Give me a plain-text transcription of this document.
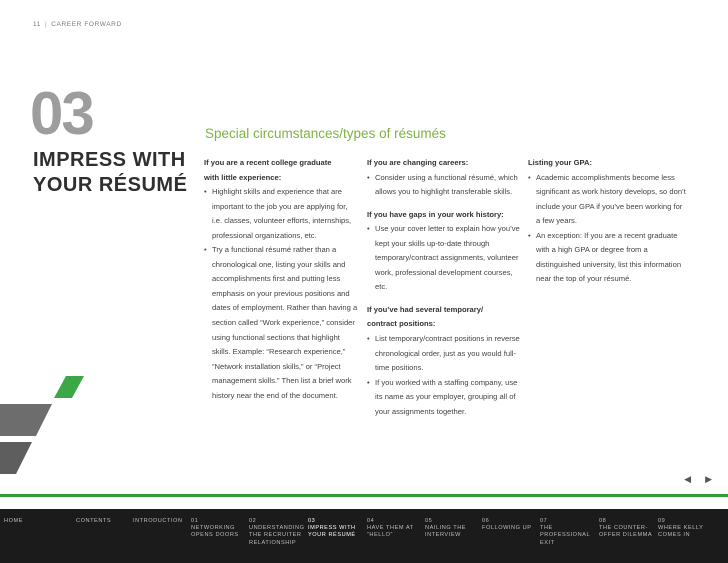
11 | CAREER FORWARD
03
IMPRESS WITH
YOUR RÉSUMÉ
Special circumstances/types of résumés

If you are a recent college graduate

with little experience:

• Highlight skills and experience that are important to the job you are applying for, i.e. classes, volunteer efforts, internships, professional organizations, etc.
• Try a functional résumé rather than a chronological one, listing your skills and accomplishments first and putting less emphasis on your previous positions and dates of employment. Rather than having a section called “Work experience,” consider using functional sections that highlight skills. Example: “Research experience,” “Network installation skills,” or “Project management skills.” Then list a brief work history near the end of the document.

If you are changing careers:

• Consider using a functional résumé, which allows you to highlight transferable skills.

If you have gaps in your work history:

• Use your cover letter to explain how you’ve kept your skills up-to-date through temporary/contract assignments, volunteer work, professional development courses, etc.

If you’ve had several temporary/

contract positions:

• List temporary/contract positions in reverse chronological order, just as you would full-time positions.
• If you worked with a staffing company, use its name as your employer, grouping all of your assignments together.

Listing your GPA:

• Academic accomplishments become less significant as work history develops, so don’t include your GPA if you’ve been working for a few years.
• An exception: If you are a recent graduate with a high GPA or degree from a distinguished university, list this information near the top of your résumé.
◀ ▶
HOME	CONTENTS	INTRODUCTION 01
NETWORKING OPENS DOORS
02
UNDERSTANDING THE RECRUITER RELATIONSHIP
03
IMPRESS WITH YOUR RÉSUMÉ
04
HAVE THEM AT “HELLO”
05
NAILING THE INTERVIEW
06
FOLLOWING UP
07
THE PROFESSIONAL EXIT
08
THE COUNTER-OFFER DILEMMA
09
WHERE KELLY COMES IN
